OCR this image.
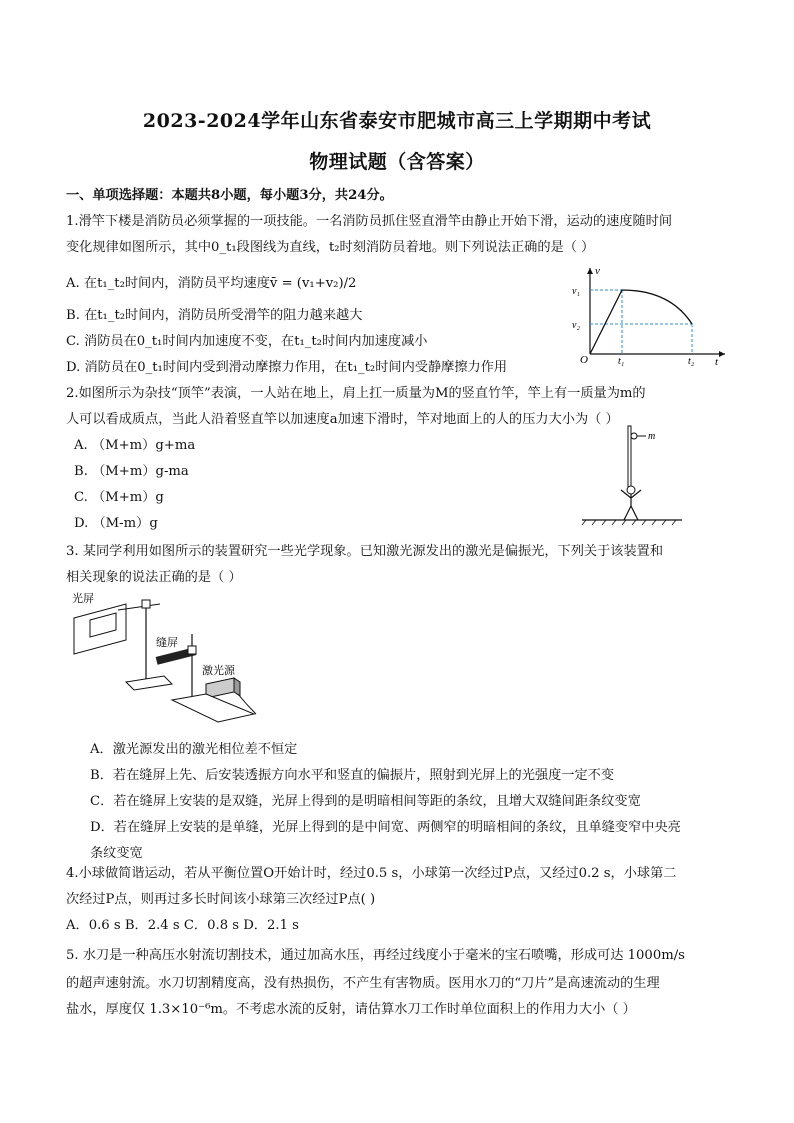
2023-2024学年山东省泰安市肥城市高三上学期期中考试
物理试题（含答案）
一、单项选择题：本题共8小题，每小题3分，共24分。
1.滑竿下楼是消防员必须掌握的一项技能。一名消防员抓住竖直滑竿由静止开始下滑，运动的速度随时间
变化规律如图所示，其中0_t₁段图线为直线，t₂时刻消防员着地。则下列说法正确的是（ ）
A. 在t₁_t₂时间内，消防员平均速度v̄ = (v₁+v₂)/2
B. 在t₁_t₂时间内，消防员所受滑竿的阻力越来越大
C. 消防员在0_t₁时间内加速度不变，在t₁_t₂时间内加速度减小
D. 消防员在0_t₁时间内受到滑动摩擦力作用，在t₁_t₂时间内受静摩擦力作用
v
t
O
v₁
v₂
t₁	t₂
2.如图所示为杂技“顶竿”表演，一人站在地上，肩上扛一质量为M的竖直竹竿，竿上有一质量为m的
人可以看成质点，当此人沿着竖直竿以加速度a加速下滑时，竿对地面上的人的压力大小为（ ）
A. （M+m）g+ma
B. （M+m）g-ma
C. （M+m）g
D. （M-m）g
m
3. 某同学利用如图所示的装置研究一些光学现象。已知激光源发出的激光是偏振光，下列关于该装置和
相关现象的说法正确的是（ ）
光屏
缝屏
激光源
A．激光源发出的激光相位差不恒定
B．若在缝屏上先、后安装透振方向水平和竖直的偏振片，照射到光屏上的光强度一定不变
C．若在缝屏上安装的是双缝，光屏上得到的是明暗相间等距的条纹，且增大双缝间距条纹变宽
D．若在缝屏上安装的是单缝，光屏上得到的是中间宽、两侧窄的明暗相间的条纹，且单缝变窄中央亮
条纹变宽
4.小球做简谐运动，若从平衡位置O开始计时，经过0.5 s，小球第一次经过P点，又经过0.2 s，小球第二
次经过P点，则再过多长时间该小球第三次经过P点( )
A．0.6 s B．2.4 s C．0.8 s D．2.1 s
5. 水刀是一种高压水射流切割技术，通过加高水压，再经过线度小于毫米的宝石喷嘴，形成可达 1000m/s
的超声速射流。水刀切割精度高，没有热损伤，不产生有害物质。医用水刀的“刀片”是高速流动的生理
盐水，厚度仅 1.3×10⁻⁶m。不考虑水流的反射，请估算水刀工作时单位面积上的作用力大小（ ）
